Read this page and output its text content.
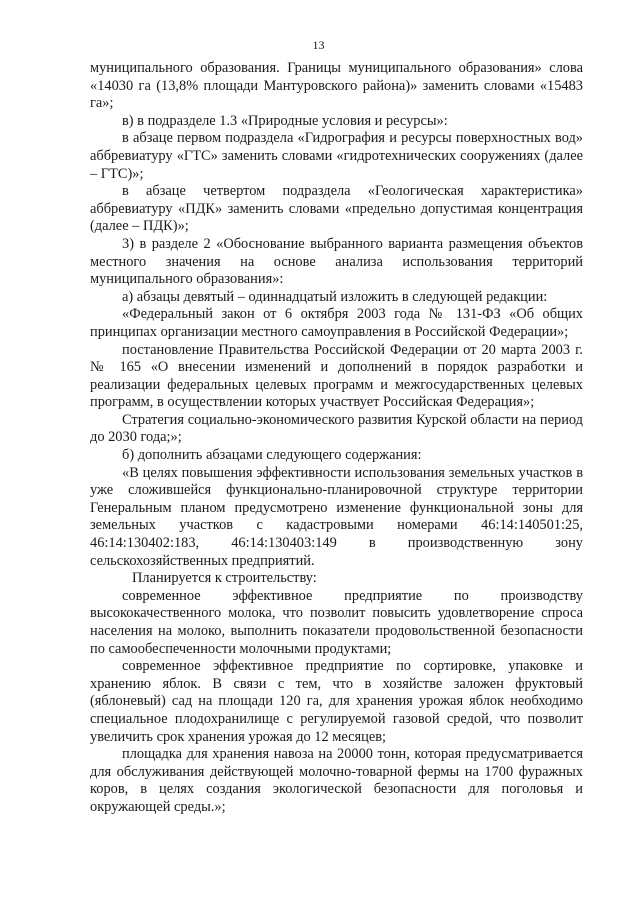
13

муниципального образования. Границы муниципального образования» слова «14030 га (13,8% площади Мантуровского района)» заменить словами «15483 га»;

в) в подразделе 1.3 «Природные условия и ресурсы»:

в абзаце первом подраздела «Гидрография и ресурсы поверхностных вод» аббревиатуру «ГТС» заменить словами «гидротехнических сооружениях (далее – ГТС)»;

в абзаце четвертом подраздела «Геологическая характеристика» аббревиатуру «ПДК» заменить словами «предельно допустимая концентрация (далее – ПДК)»;

3) в разделе 2 «Обоснование выбранного варианта размещения объектов местного значения на основе анализа использования территорий муниципального образования»:

а) абзацы девятый – одиннадцатый изложить в следующей редакции:

«Федеральный закон от 6 октября 2003 года № 131-ФЗ «Об общих принципах организации местного самоуправления в Российской Федерации»;

постановление Правительства Российской Федерации от 20 марта 2003 г. № 165 «О внесении изменений и дополнений в порядок разработки и реализации федеральных целевых программ и межгосударственных целевых программ, в осуществлении которых участвует Российская Федерация»;

Стратегия социально-экономического развития Курской области на период до 2030 года;»;

б) дополнить абзацами следующего содержания:

«В целях повышения эффективности использования земельных участков в уже сложившейся функционально-планировочной структуре территории Генеральным планом предусмотрено изменение функциональной зоны для земельных участков с кадастровыми номерами 46:14:140501:25, 46:14:130402:183, 46:14:130403:149 в производственную зону сельскохозяйственных предприятий.

Планируется к строительству:

современное эффективное предприятие по производству высококачественного молока, что позволит повысить удовлетворение спроса населения на молоко, выполнить показатели продовольственной безопасности по самообеспеченности молочными продуктами;

современное эффективное предприятие по сортировке, упаковке и хранению яблок. В связи с тем, что в хозяйстве заложен фруктовый (яблоневый) сад на площади 120 га, для хранения урожая яблок необходимо специальное плодохранилище с регулируемой газовой средой, что позволит увеличить срок хранения урожая до 12 месяцев;

площадка для хранения навоза на 20000 тонн, которая предусматривается для обслуживания действующей молочно-товарной фермы на 1700 фуражных коров, в целях создания экологической безопасности для поголовья и окружающей среды.»;
